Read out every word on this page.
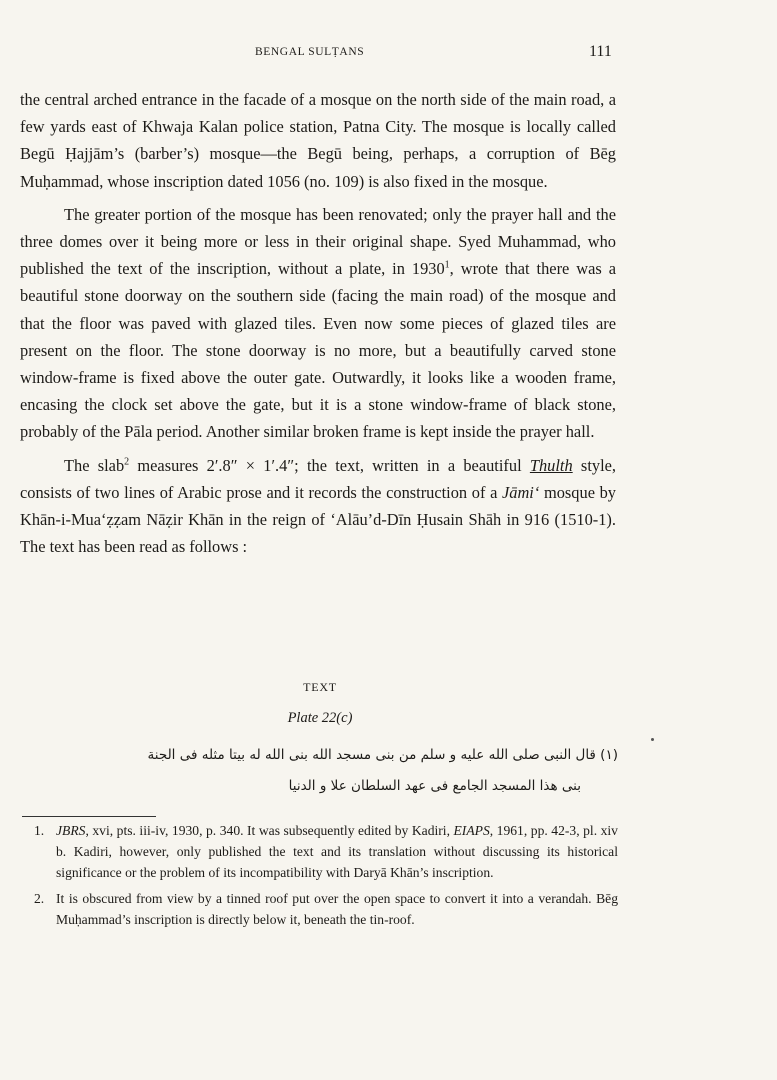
BENGAL SULṬANS	111

the central arched entrance in the facade of a mosque on the north side of the main road, a few yards east of Khwaja Kalan police station, Patna City. The mosque is locally called Begū Ḥajjām’s (barber’s) mosque—the Begū being, perhaps, a corruption of Bēg Muḥammad, whose inscription dated 1056 (no. 109) is also fixed in the mosque.

The greater portion of the mosque has been renovated; only the prayer hall and the three domes over it being more or less in their original shape. Syed Muhammad, who published the text of the inscription, without a plate, in 1930$^1$, wrote that there was a beautiful stone doorway on the southern side (facing the main road) of the mosque and that the floor was paved with glazed tiles. Even now some pieces of glazed tiles are present on the floor. The stone doorway is no more, but a beautifully carved stone window-frame is fixed above the outer gate. Outwardly, it looks like a wooden frame, encasing the clock set above the gate, but it is a stone window-frame of black stone, probably of the Pāla period. Another similar broken frame is kept inside the prayer hall.

The slab$^2$ measures 2′.8″ × 1′.4″; the text, written in a beautiful Thulth style, consists of two lines of Arabic prose and it records the construction of a Jāmi‘ mosque by Khān-i-Mua‘ẓẓam Nāẓir Khān in the reign of ‘Alāu’d-Dīn Ḥusain Shāh in 916 (1510-1). The text has been read as follows :

TEXT
Plate 22(c)
(١) قال النبى صلى الله عليه و سلم من بنى مسجد الله بنى الله له بيتا مثله فى الجنة
بنى هذا المسجد الجامع فى عهد السلطان علا و الدنيا
1. JBRS, xvi, pts. iii-iv, 1930, p. 340. It was subsequently edited by Kadiri, EIAPS, 1961, pp. 42-3, pl. xiv b. Kadiri, however, only published the text and its translation without discussing its historical significance or the problem of its incompatibility with Daryā Khān’s inscription.
2. It is obscured from view by a tinned roof put over the open space to convert it into a verandah. Bēg Muḥammad’s inscription is directly below it, beneath the tin-roof.
